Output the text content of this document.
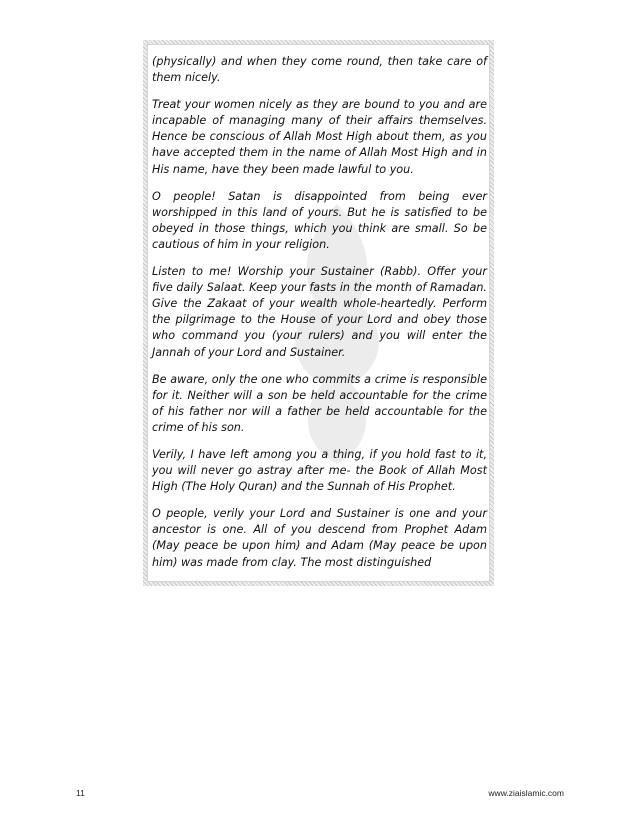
(physically) and when they come round, then take care of them nicely.

Treat your women nicely as they are bound to you and are incapable of managing many of their affairs themselves. Hence be conscious of Allah Most High about them, as you have accepted them in the name of Allah Most High and in His name, have they been made lawful to you.

O people! Satan is disappointed from being ever worshipped in this land of yours. But he is satisfied to be obeyed in those things, which you think are small. So be cautious of him in your religion.

Listen to me! Worship your Sustainer (Rabb). Offer your five daily Salaat. Keep your fasts in the month of Ramadan. Give the Zakaat of your wealth whole-heartedly. Perform the pilgrimage to the House of your Lord and obey those who command you (your rulers) and you will enter the Jannah of your Lord and Sustainer.

Be aware, only the one who commits a crime is responsible for it. Neither will a son be held accountable for the crime of his father nor will a father be held accountable for the crime of his son.

Verily, I have left among you a thing, if you hold fast to it, you will never go astray after me- the Book of Allah Most High (The Holy Quran) and the Sunnah of His Prophet.

O people, verily your Lord and Sustainer is one and your ancestor is one. All of you descend from Prophet Adam (May peace be upon him) and Adam (May peace be upon him) was made from clay. The most distinguished

11	www.ziaislamic.com
